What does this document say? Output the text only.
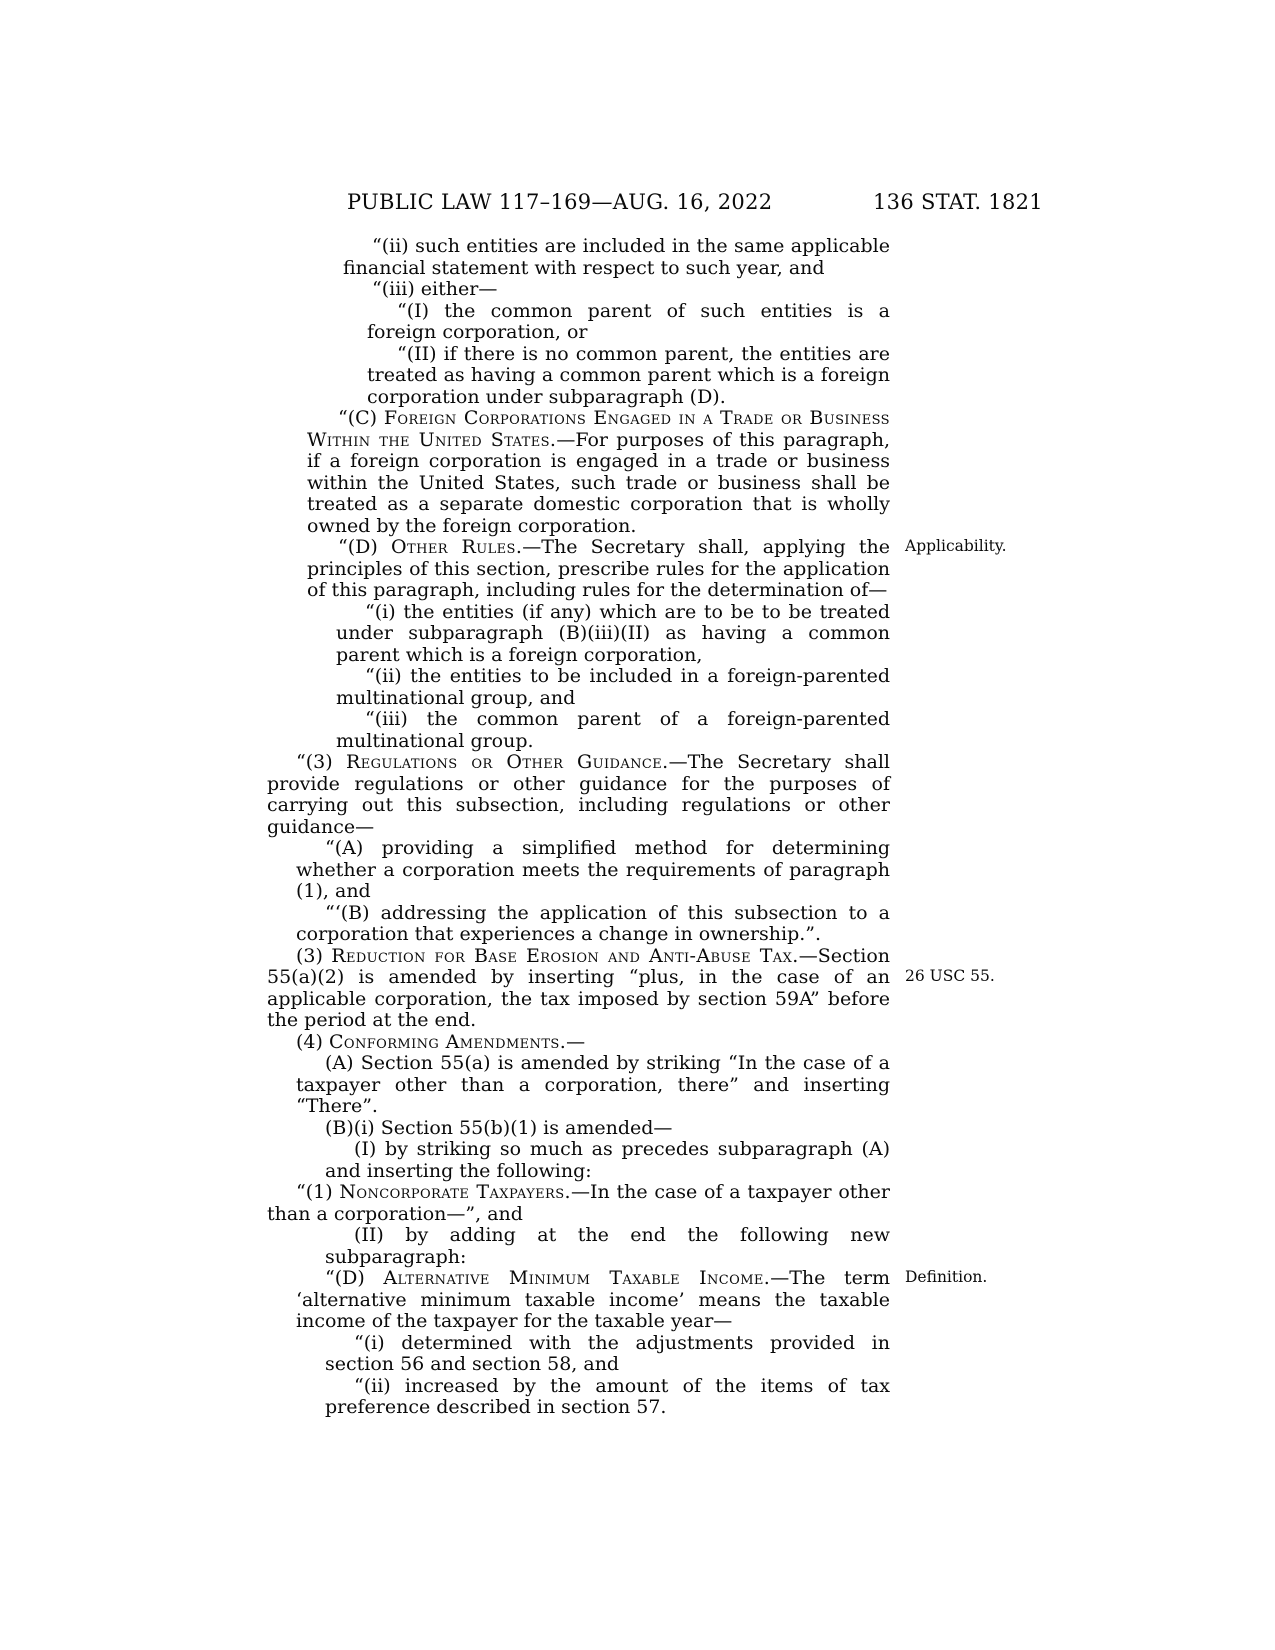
PUBLIC LAW 117–169—AUG. 16, 2022	136 STAT. 1821

“(ii) such entities are included in the same applicable financial statement with respect to such year, and

“(iii) either—

“(I) the common parent of such entities is a foreign corporation, or

“(II) if there is no common parent, the entities are treated as having a common parent which is a foreign corporation under subparagraph (D).

“(C) Foreign Corporations Engaged in a Trade or Business Within the United States.—For purposes of this paragraph, if a foreign corporation is engaged in a trade or business within the United States, such trade or business shall be treated as a separate domestic corporation that is wholly owned by the foreign corporation.

“(D) Other Rules.—The Secretary shall, applying the principles of this section, prescribe rules for the application of this paragraph, including rules for the determination of—
Applicability.

“(i) the entities (if any) which are to be to be treated under subparagraph (B)(iii)(II) as having a common parent which is a foreign corporation,

“(ii) the entities to be included in a foreign-parented multinational group, and

“(iii) the common parent of a foreign-parented multinational group.

“(3) Regulations or Other Guidance.—The Secretary shall provide regulations or other guidance for the purposes of carrying out this subsection, including regulations or other guidance—

“(A) providing a simplified method for determining whether a corporation meets the requirements of paragraph (1), and

“‘(B) addressing the application of this subsection to a corporation that experiences a change in ownership.”.

(3) Reduction for Base Erosion and Anti-Abuse Tax.—Section 55(a)(2) is amended by inserting “plus, in the case of an applicable corporation, the tax imposed by section 59A” before the period at the end.
26 USC 55.

(4) Conforming Amendments.—

(A) Section 55(a) is amended by striking “In the case of a taxpayer other than a corporation, there” and inserting “There”.

(B)(i) Section 55(b)(1) is amended—

(I) by striking so much as precedes subparagraph (A) and inserting the following:

“(1) Noncorporate Taxpayers.—In the case of a taxpayer other than a corporation—”, and

(II) by adding at the end the following new subparagraph:

“(D) Alternative Minimum Taxable Income.—The term ‘alternative minimum taxable income’ means the taxable income of the taxpayer for the taxable year—
Definition.

“(i) determined with the adjustments provided in section 56 and section 58, and

“(ii) increased by the amount of the items of tax preference described in section 57.
